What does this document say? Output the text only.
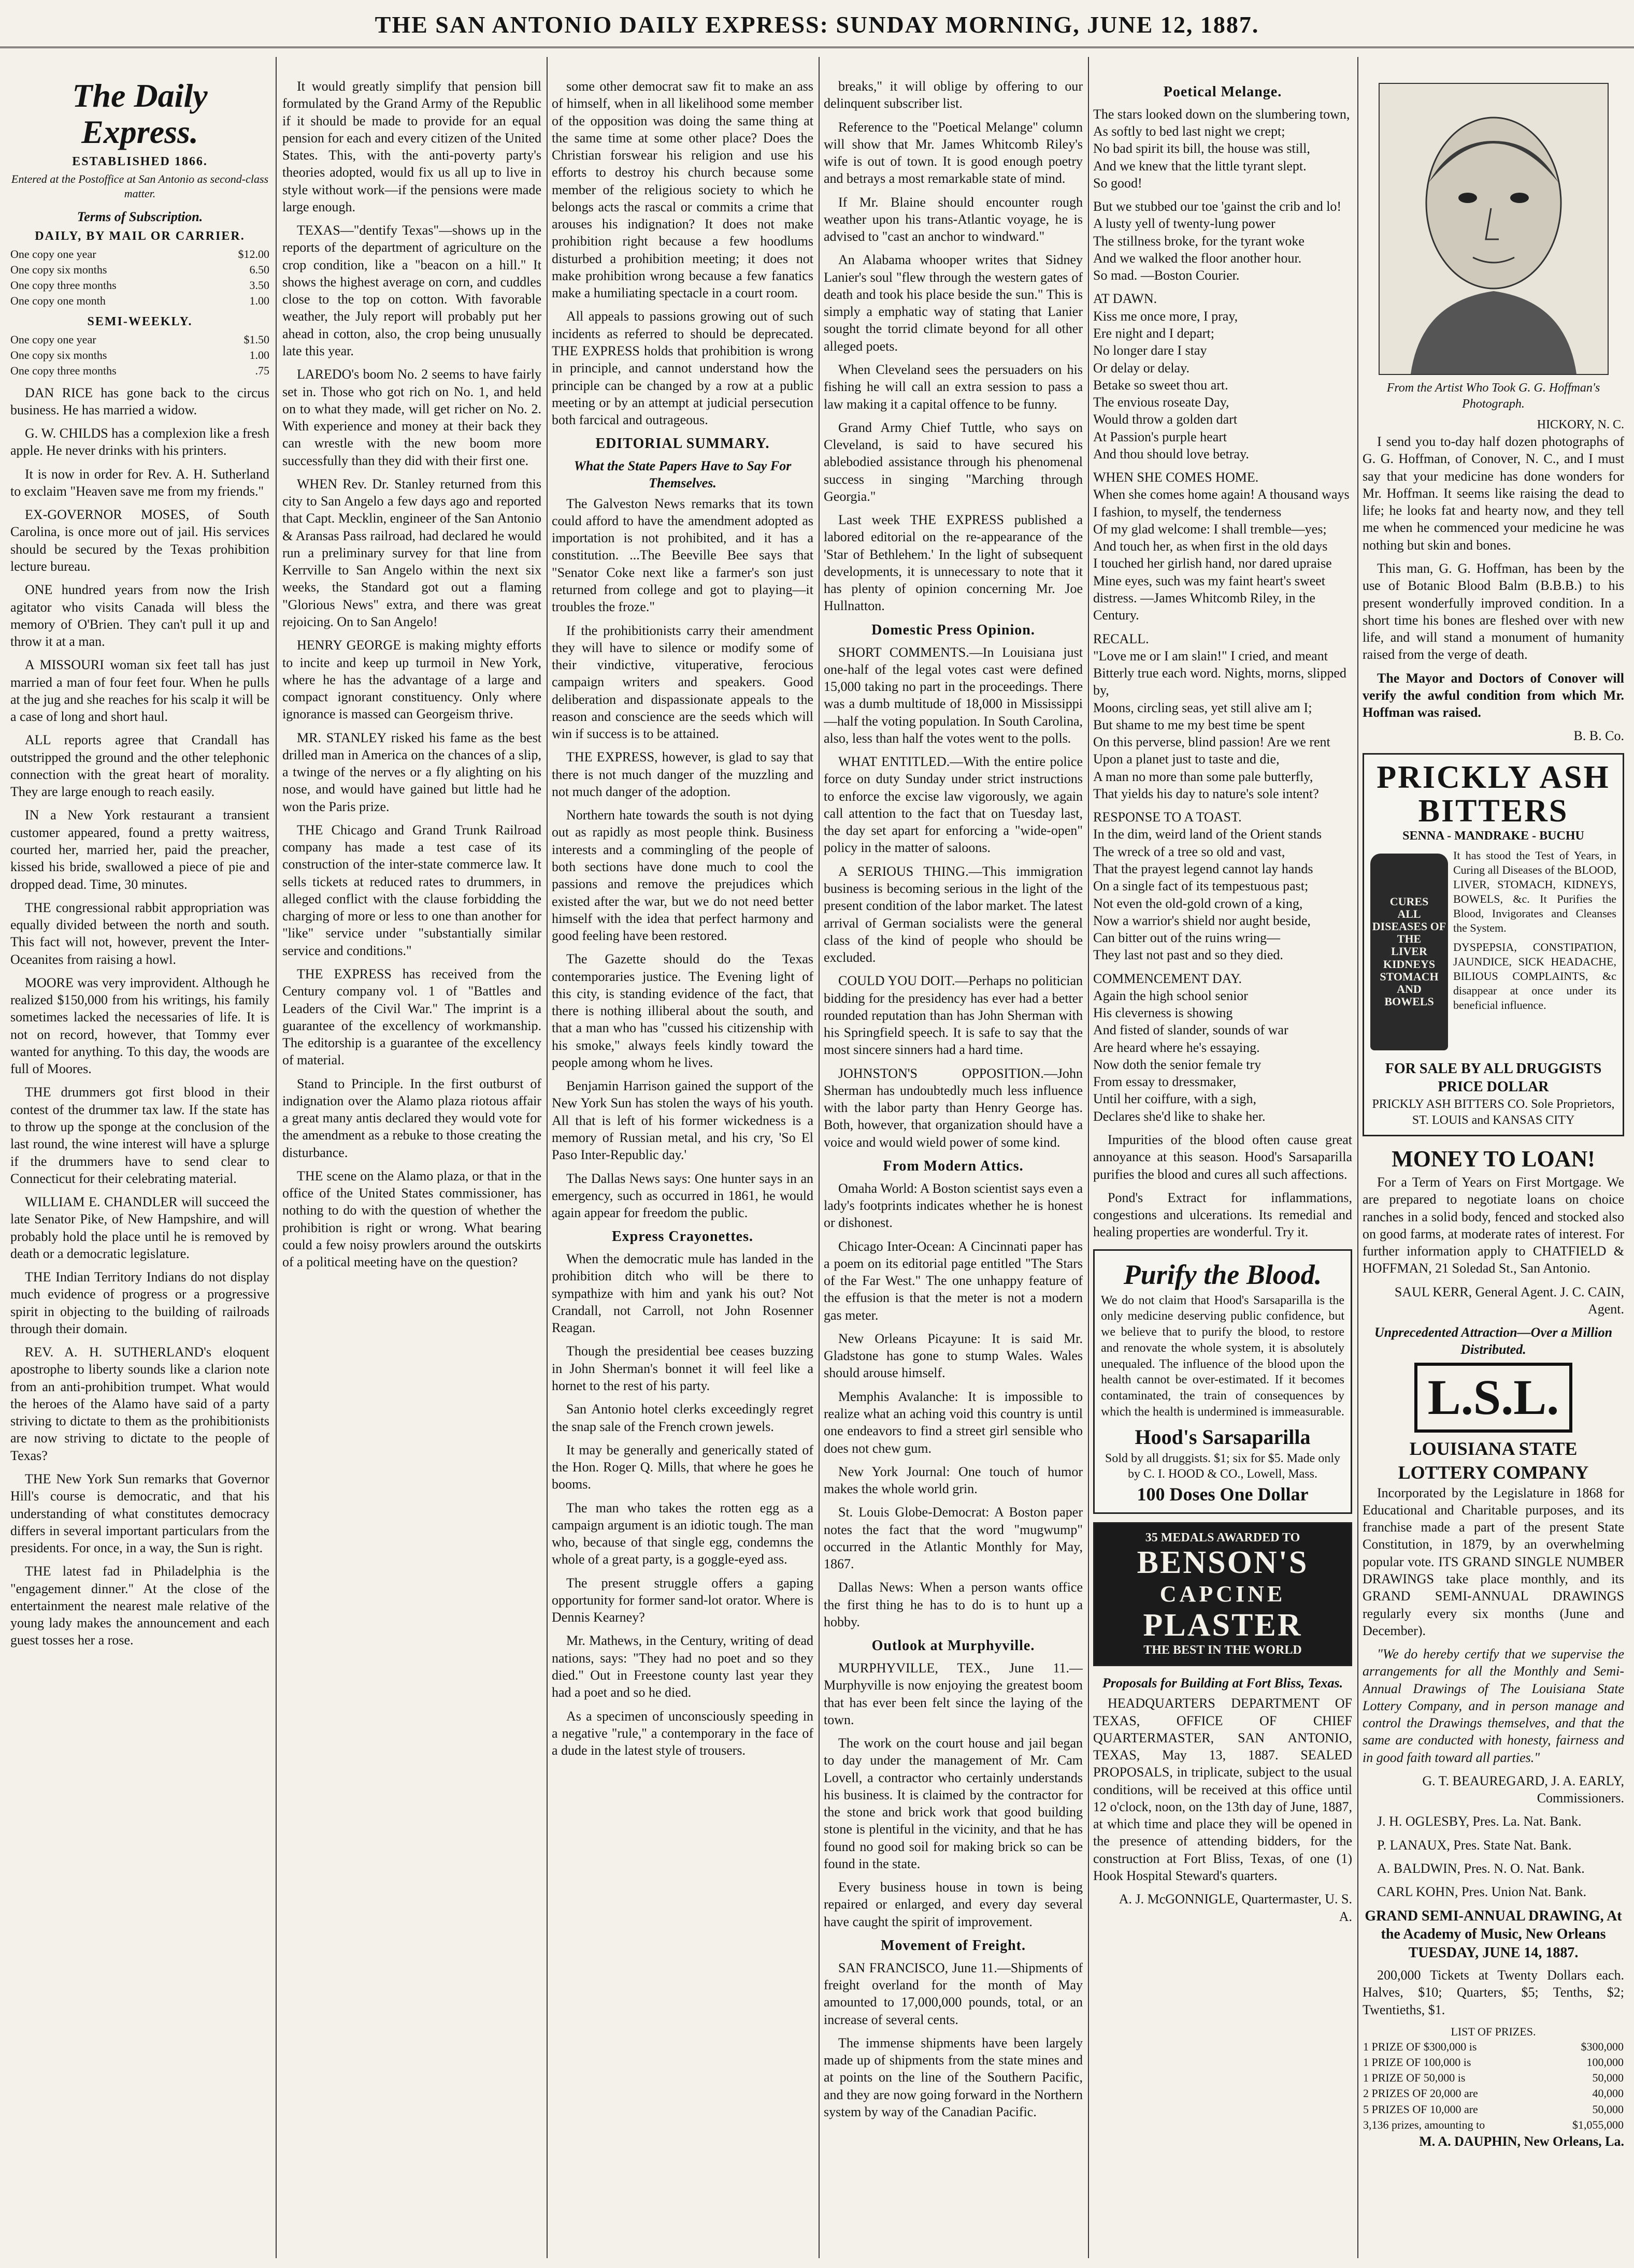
THE SAN ANTONIO DAILY EXPRESS: SUNDAY MORNING, JUNE 12, 1887.
The Daily Express.
ESTABLISHED 1866.
Entered at the Postoffice at San Antonio as second-class matter.
Terms of Subscription.
DAILY, BY MAIL OR CARRIER.
One copy one year	$12.00
One copy six months	6.50
One copy three months	3.50
One copy one month	1.00
SEMI-WEEKLY.
One copy one year	$1.50
One copy six months	1.00
One copy three months	.75

DAN RICE has gone back to the circus business. He has married a widow.

G. W. CHILDS has a complexion like a fresh apple. He never drinks with his printers.

It is now in order for Rev. A. H. Sutherland to exclaim "Heaven save me from my friends."

EX-GOVERNOR MOSES, of South Carolina, is once more out of jail. His services should be secured by the Texas prohibition lecture bureau.

ONE hundred years from now the Irish agitator who visits Canada will bless the memory of O'Brien. They can't pull it up and throw it at a man.

A MISSOURI woman six feet tall has just married a man of four feet four. When he pulls at the jug and she reaches for his scalp it will be a case of long and short haul.

ALL reports agree that Crandall has outstripped the ground and the other telephonic connection with the great heart of morality. They are large enough to reach easily.

IN a New York restaurant a transient customer appeared, found a pretty waitress, courted her, married her, paid the preacher, kissed his bride, swallowed a piece of pie and dropped dead. Time, 30 minutes.

THE congressional rabbit appropriation was equally divided between the north and south. This fact will not, however, prevent the Inter-Oceanites from raising a howl.

MOORE was very improvident. Although he realized $150,000 from his writings, his family sometimes lacked the necessaries of life. It is not on record, however, that Tommy ever wanted for anything. To this day, the woods are full of Moores.

THE drummers got first blood in their contest of the drummer tax law. If the state has to throw up the sponge at the conclusion of the last round, the wine interest will have a splurge if the drummers have to send clear to Connecticut for their celebrating material.

WILLIAM E. CHANDLER will succeed the late Senator Pike, of New Hampshire, and will probably hold the place until he is removed by death or a democratic legislature.

THE Indian Territory Indians do not display much evidence of progress or a progressive spirit in objecting to the building of railroads through their domain.

REV. A. H. SUTHERLAND's eloquent apostrophe to liberty sounds like a clarion note from an anti-prohibition trumpet. What would the heroes of the Alamo have said of a party striving to dictate to them as the prohibitionists are now striving to dictate to the people of Texas?

THE New York Sun remarks that Governor Hill's course is democratic, and that his understanding of what constitutes democracy differs in several important particulars from the presidents. For once, in a way, the Sun is right.

THE latest fad in Philadelphia is the "engagement dinner." At the close of the entertainment the nearest male relative of the young lady makes the announcement and each guest tosses her a rose.

It would greatly simplify that pension bill formulated by the Grand Army of the Republic if it should be made to provide for an equal pension for each and every citizen of the United States. This, with the anti-poverty party's theories adopted, would fix us all up to live in style without work—if the pensions were made large enough.

TEXAS—"dentify Texas"—shows up in the reports of the department of agriculture on the crop condition, like a "beacon on a hill." It shows the highest average on corn, and cuddles close to the top on cotton. With favorable weather, the July report will probably put her ahead in cotton, also, the crop being unusually late this year.

LAREDO's boom No. 2 seems to have fairly set in. Those who got rich on No. 1, and held on to what they made, will get richer on No. 2. With experience and money at their back they can wrestle with the new boom more successfully than they did with their first one.

WHEN Rev. Dr. Stanley returned from this city to San Angelo a few days ago and reported that Capt. Mecklin, engineer of the San Antonio & Aransas Pass railroad, had declared he would run a preliminary survey for that line from Kerrville to San Angelo within the next six weeks, the Standard got out a flaming "Glorious News" extra, and there was great rejoicing. On to San Angelo!

HENRY GEORGE is making mighty efforts to incite and keep up turmoil in New York, where he has the advantage of a large and compact ignorant constituency. Only where ignorance is massed can Georgeism thrive.

MR. STANLEY risked his fame as the best drilled man in America on the chances of a slip, a twinge of the nerves or a fly alighting on his nose, and would have gained but little had he won the Paris prize.

THE Chicago and Grand Trunk Railroad company has made a test case of its construction of the inter-state commerce law. It sells tickets at reduced rates to drummers, in alleged conflict with the clause forbidding the charging of more or less to one than another for "like" service under "substantially similar service and conditions."

THE EXPRESS has received from the Century company vol. 1 of "Battles and Leaders of the Civil War." The imprint is a guarantee of the excellency of workmanship. The editorship is a guarantee of the excellency of material.

Stand to Principle. In the first outburst of indignation over the Alamo plaza riotous affair a great many antis declared they would vote for the amendment as a rebuke to those creating the disturbance.

THE scene on the Alamo plaza, or that in the office of the United States commissioner, has nothing to do with the question of whether the prohibition is right or wrong. What bearing could a few noisy prowlers around the outskirts of a political meeting have on the question?

some other democrat saw fit to make an ass of himself, when in all likelihood some member of the opposition was doing the same thing at the same time at some other place? Does the Christian forswear his religion and use his efforts to destroy his church because some member of the religious society to which he belongs acts the rascal or commits a crime that arouses his indignation? It does not make prohibition right because a few hoodlums disturbed a prohibition meeting; it does not make prohibition wrong because a few fanatics make a humiliating spectacle in a court room.

All appeals to passions growing out of such incidents as referred to should be deprecated. THE EXPRESS holds that prohibition is wrong in principle, and cannot understand how the principle can be changed by a row at a public meeting or by an attempt at judicial persecution both farcical and outrageous.

EDITORIAL SUMMARY.
What the State Papers Have to Say For Themselves.

The Galveston News remarks that its town could afford to have the amendment adopted as importation is not prohibited, and it has a constitution. ...The Beeville Bee says that "Senator Coke next like a farmer's son just returned from college and got to playing—it troubles the froze."

If the prohibitionists carry their amendment they will have to silence or modify some of their vindictive, vituperative, ferocious campaign writers and speakers. Good deliberation and dispassionate appeals to the reason and conscience are the seeds which will win if success is to be attained.

THE EXPRESS, however, is glad to say that there is not much danger of the muzzling and not much danger of the adoption.

Northern hate towards the south is not dying out as rapidly as most people think. Business interests and a commingling of the people of both sections have done much to cool the passions and remove the prejudices which existed after the war, but we do not need better himself with the idea that perfect harmony and good feeling have been restored.

The Gazette should do the Texas contemporaries justice. The Evening light of this city, is standing evidence of the fact, that there is nothing illiberal about the south, and that a man who has "cussed his citizenship with his smoke," always feels kindly toward the people among whom he lives.

Benjamin Harrison gained the support of the New York Sun has stolen the ways of his youth. All that is left of his former wickedness is a memory of Russian metal, and his cry, 'So El Paso Inter-Republic day.'

The Dallas News says: One hunter says in an emergency, such as occurred in 1861, he would again appear for freedom the public.

Express Crayonettes.

When the democratic mule has landed in the prohibition ditch who will be there to sympathize with him and yank his out? Not Crandall, not Carroll, not John Rosenner Reagan.

Though the presidential bee ceases buzzing in John Sherman's bonnet it will feel like a hornet to the rest of his party.

San Antonio hotel clerks exceedingly regret the snap sale of the French crown jewels.

It may be generally and generically stated of the Hon. Roger Q. Mills, that where he goes he booms.

The man who takes the rotten egg as a campaign argument is an idiotic tough. The man who, because of that single egg, condemns the whole of a great party, is a goggle-eyed ass.

The present struggle offers a gaping opportunity for former sand-lot orator. Where is Dennis Kearney?

Mr. Mathews, in the Century, writing of dead nations, says: "They had no poet and so they died." Out in Freestone county last year they had a poet and so he died.

As a specimen of unconsciously speeding in a negative "rule," a contemporary in the face of a dude in the latest style of trousers.

breaks," it will oblige by offering to our delinquent subscriber list.

Reference to the "Poetical Melange" column will show that Mr. James Whitcomb Riley's wife is out of town. It is good enough poetry and betrays a most remarkable state of mind.

If Mr. Blaine should encounter rough weather upon his trans-Atlantic voyage, he is advised to "cast an anchor to windward."

An Alabama whooper writes that Sidney Lanier's soul "flew through the western gates of death and took his place beside the sun." This is simply a emphatic way of stating that Lanier sought the torrid climate beyond for all other alleged poets.

When Cleveland sees the persuaders on his fishing he will call an extra session to pass a law making it a capital offence to be funny.

Grand Army Chief Tuttle, who says on Cleveland, is said to have secured his ablebodied assistance through his phenomenal success in singing "Marching through Georgia."

Last week THE EXPRESS published a labored editorial on the re-appearance of the 'Star of Bethlehem.' In the light of subsequent developments, it is unnecessary to note that it has plenty of opinion concerning Mr. Joe Hullnatton.

Domestic Press Opinion.

SHORT COMMENTS.—In Louisiana just one-half of the legal votes cast were defined 15,000 taking no part in the proceedings. There was a dumb multitude of 18,000 in Mississippi—half the voting population. In South Carolina, also, less than half the votes went to the polls.

WHAT ENTITLED.—With the entire police force on duty Sunday under strict instructions to enforce the excise law vigorously, we again call attention to the fact that on Tuesday last, the day set apart for enforcing a "wide-open" policy in the matter of saloons.

A SERIOUS THING.—This immigration business is becoming serious in the light of the present condition of the labor market. The latest arrival of German socialists were the general class of the kind of people who should be excluded.

COULD YOU DOIT.—Perhaps no politician bidding for the presidency has ever had a better rounded reputation than has John Sherman with his Springfield speech. It is safe to say that the most sincere sinners had a hard time.

JOHNSTON'S OPPOSITION.—John Sherman has undoubtedly much less influence with the labor party than Henry George has. Both, however, that organization should have a voice and would wield power of some kind.

From Modern Attics.

Omaha World: A Boston scientist says even a lady's footprints indicates whether he is honest or dishonest.

Chicago Inter-Ocean: A Cincinnati paper has a poem on its editorial page entitled "The Stars of the Far West." The one unhappy feature of the effusion is that the meter is not a modern gas meter.

New Orleans Picayune: It is said Mr. Gladstone has gone to stump Wales. Wales should arouse himself.

Memphis Avalanche: It is impossible to realize what an aching void this country is until one endeavors to find a street girl sensible who does not chew gum.

New York Journal: One touch of humor makes the whole world grin.

St. Louis Globe-Democrat: A Boston paper notes the fact that the word "mugwump" occurred in the Atlantic Monthly for May, 1867.

Dallas News: When a person wants office the first thing he has to do is to hunt up a hobby.

Outlook at Murphyville.

MURPHYVILLE, TEX., June 11.—Murphyville is now enjoying the greatest boom that has ever been felt since the laying of the town.

The work on the court house and jail began to day under the management of Mr. Cam Lovell, a contractor who certainly understands his business. It is claimed by the contractor for the stone and brick work that good building stone is plentiful in the vicinity, and that he has found no good soil for making brick so can be found in the state.

Every business house in town is being repaired or enlarged, and every day several have caught the spirit of improvement.

Movement of Freight.

SAN FRANCISCO, June 11.—Shipments of freight overland for the month of May amounted to 17,000,000 pounds, total, or an increase of several cents.

The immense shipments have been largely made up of shipments from the state mines and at points on the line of the Southern Pacific, and they are now going forward in the Northern system by way of the Canadian Pacific.

Poetical Melange.

The stars looked down on the slumbering town,
As softly to bed last night we crept;
No bad spirit its bill, the house was still,
And we knew that the little tyrant slept.
So good!

But we stubbed our toe 'gainst the crib and lo!
A lusty yell of twenty-lung power
The stillness broke, for the tyrant woke
And we walked the floor another hour.
So mad. —Boston Courier.

AT DAWN.
Kiss me once more, I pray,
Ere night and I depart;
No longer dare I stay
Or delay or delay.
Betake so sweet thou art.
The envious roseate Day,
Would throw a golden dart
At Passion's purple heart
And thou should love betray.

WHEN SHE COMES HOME.
When she comes home again! A thousand ways
I fashion, to myself, the tenderness
Of my glad welcome: I shall tremble—yes;
And touch her, as when first in the old days
I touched her girlish hand, nor dared upraise
Mine eyes, such was my faint heart's sweet distress. —James Whitcomb Riley, in the Century.

RECALL.
"Love me or I am slain!" I cried, and meant
Bitterly true each word. Nights, morns, slipped by,
Moons, circling seas, yet still alive am I;
But shame to me my best time be spent
On this perverse, blind passion! Are we rent
Upon a planet just to taste and die,
A man no more than some pale butterfly,
That yields his day to nature's sole intent?

RESPONSE TO A TOAST.
In the dim, weird land of the Orient stands
The wreck of a tree so old and vast,
That the prayest legend cannot lay hands
On a single fact of its tempestuous past;
Not even the old-gold crown of a king,
Now a warrior's shield nor aught beside,
Can bitter out of the ruins wring—
They last not past and so they died.

COMMENCEMENT DAY.
Again the high school senior
His cleverness is showing
And fisted of slander, sounds of war
Are heard where he's essaying.
Now doth the senior female try
From essay to dressmaker,
Until her coiffure, with a sigh,
Declares she'd like to shake her.

Impurities of the blood often cause great annoyance at this season. Hood's Sarsaparilla purifies the blood and cures all such affections.

Pond's Extract for inflammations, congestions and ulcerations. Its remedial and healing properties are wonderful. Try it.

Purify the Blood.
We do not claim that Hood's Sarsaparilla is the only medicine deserving public confidence, but we believe that to purify the blood, to restore and renovate the whole system, it is absolutely unequaled. The influence of the blood upon the health cannot be over-estimated. If it becomes contaminated, the train of consequences by which the health is undermined is immeasurable.
Hood's Sarsaparilla
Sold by all druggists. $1; six for $5. Made only by C. I. HOOD & CO., Lowell, Mass.
100 Doses One Dollar
35 MEDALS AWARDED TO
BENSON'S
CAPCINE
PLASTER
THE BEST IN THE WORLD
Proposals for Building at Fort Bliss, Texas.

HEADQUARTERS DEPARTMENT OF TEXAS, OFFICE OF CHIEF QUARTERMASTER, SAN ANTONIO, TEXAS, May 13, 1887. SEALED PROPOSALS, in triplicate, subject to the usual conditions, will be received at this office until 12 o'clock, noon, on the 13th day of June, 1887, at which time and place they will be opened in the presence of attending bidders, for the construction at Fort Bliss, Texas, of one (1) Hook Hospital Steward's quarters.

A. J. McGONNIGLE, Quartermaster, U. S. A.

From the Artist Who Took G. G. Hoffman's Photograph.
HICKORY, N. C.

I send you to-day half dozen photographs of G. G. Hoffman, of Conover, N. C., and I must say that your medicine has done wonders for Mr. Hoffman. It seems like raising the dead to life; he looks fat and hearty now, and they tell me when he commenced your medicine he was nothing but skin and bones.

This man, G. G. Hoffman, has been by the use of Botanic Blood Balm (B.B.B.) to his present wonderfully improved condition. In a short time his bones are fleshed over with new life, and will stand a monument of humanity raised from the verge of death.

The Mayor and Doctors of Conover will verify the awful condition from which Mr. Hoffman was raised.

B. B. Co.

PRICKLY ASH
BITTERS
SENNA - MANDRAKE - BUCHU
CURES
ALL DISEASES OF THE
LIVER
KIDNEYS
STOMACH
AND
BOWELS
It has stood the Test of Years, in Curing all Diseases of the BLOOD, LIVER, STOMACH, KIDNEYS, BOWELS, &c. It Purifies the Blood, Invigorates and Cleanses the System.
DYSPEPSIA, CONSTIPATION, JAUNDICE, SICK HEADACHE, BILIOUS COMPLAINTS, &c disappear at once under its beneficial influence.
FOR SALE BY ALL DRUGGISTS
PRICE DOLLAR
PRICKLY ASH BITTERS CO. Sole Proprietors, ST. LOUIS and KANSAS CITY
MONEY TO LOAN!

For a Term of Years on First Mortgage. We are prepared to negotiate loans on choice ranches in a solid body, fenced and stocked also on good farms, at moderate rates of interest. For further information apply to CHATFIELD & HOFFMAN, 21 Soledad St., San Antonio.

SAUL KERR, General Agent. J. C. CAIN, Agent.

Unprecedented Attraction—Over a Million Distributed.
L.S.L.
LOUISIANA STATE LOTTERY COMPANY

Incorporated by the Legislature in 1868 for Educational and Charitable purposes, and its franchise made a part of the present State Constitution, in 1879, by an overwhelming popular vote. ITS GRAND SINGLE NUMBER DRAWINGS take place monthly, and its GRAND SEMI-ANNUAL DRAWINGS regularly every six months (June and December).

"We do hereby certify that we supervise the arrangements for all the Monthly and Semi-Annual Drawings of The Louisiana State Lottery Company, and in person manage and control the Drawings themselves, and that the same are conducted with honesty, fairness and in good faith toward all parties."

G. T. BEAUREGARD, J. A. EARLY, Commissioners.

J. H. OGLESBY, Pres. La. Nat. Bank.

P. LANAUX, Pres. State Nat. Bank.

A. BALDWIN, Pres. N. O. Nat. Bank.

CARL KOHN, Pres. Union Nat. Bank.

GRAND SEMI-ANNUAL DRAWING, At the Academy of Music, New Orleans TUESDAY, JUNE 14, 1887.

200,000 Tickets at Twenty Dollars each. Halves, $10; Quarters, $5; Tenths, $2; Twentieths, $1.

LIST OF PRIZES.
1 PRIZE OF $300,000 is	$300,000
1 PRIZE OF 100,000 is	100,000
1 PRIZE OF 50,000 is	50,000
2 PRIZES OF 20,000 are	40,000
5 PRIZES OF 10,000 are	50,000
3,136 prizes, amounting to	$1,055,000

M. A. DAUPHIN, New Orleans, La.
